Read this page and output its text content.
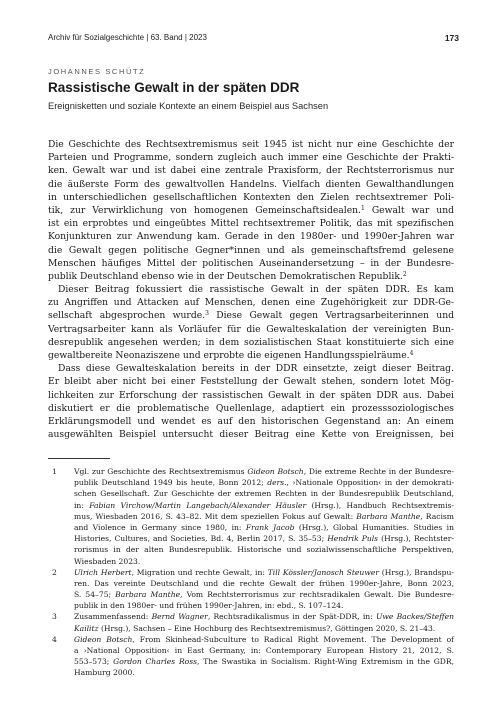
Archiv für Sozialgeschichte | 63. Band | 2023	173
JOHANNES SCHÜTZ
Rassistische Gewalt in der späten DDR
Ereignisketten und soziale Kontexte an einem Beispiel aus Sachsen
Die Geschichte des Rechtsextremismus seit 1945 ist nicht nur eine Geschichte der
Parteien und Programme, sondern zugleich auch immer eine Geschichte der Prakti-
ken. Gewalt war und ist dabei eine zentrale Praxisform, der Rechtsterrorismus nur
die äußerste Form des gewaltvollen Handelns. Vielfach dienten Gewalthandlungen
in unterschiedlichen gesellschaftlichen Kontexten den Zielen rechtsextremer Poli-
tik, zur Verwirklichung von homogenen Gemeinschaftsidealen.$^1$ Gewalt war und
ist ein erprobtes und eingeübtes Mittel rechtsextremer Politik, das mit spezifischen
Konjunkturen zur Anwendung kam. Gerade in den 1980er- und 1990er-Jahren war
die Gewalt gegen politische Gegner*innen und als gemeinschaftsfremd gelesene
Menschen häufiges Mittel der politischen Auseinandersetzung – in der Bundesre-
publik Deutschland ebenso wie in der Deutschen Demokratischen Republik.$^2$
Dieser Beitrag fokussiert die rassistische Gewalt in der späten DDR. Es kam
zu Angriffen und Attacken auf Menschen, denen eine Zugehörigkeit zur DDR-Ge-
sellschaft abgesprochen wurde.$^3$ Diese Gewalt gegen Vertragsarbeiterinnen und
Vertragsarbeiter kann als Vorläufer für die Gewalteskalation der vereinigten Bun-
desrepublik angesehen werden; in dem sozialistischen Staat konstituierte sich eine
gewaltbereite Neonaziszene und erprobte die eigenen Handlungsspielräume.$^4$
Dass diese Gewalteskalation bereits in der DDR einsetzte, zeigt dieser Beitrag.
Er bleibt aber nicht bei einer Feststellung der Gewalt stehen, sondern lotet Mög-
lichkeiten zur Erforschung der rassistischen Gewalt in der späten DDR aus. Dabei
diskutiert er die problematische Quellenlage, adaptiert ein prozesssoziologisches
Erklärungsmodell und wendet es auf den historischen Gegenstand an: An einem
ausgewählten Beispiel untersucht dieser Beitrag eine Kette von Ereignissen, bei
1 Vgl. zur Geschichte des Rechtsextremismus Gideon Botsch, Die extreme Rechte in der Bundesre-
publik Deutschland 1949 bis heute, Bonn 2012; ders., ›Nationale Opposition‹ in der demokrati-
schen Gesellschaft. Zur Geschichte der extremen Rechten in der Bundesrepublik Deutschland,
in: Fabian Virchow/Martin Langebach/Alexander Häusler (Hrsg.), Handbuch Rechtsextremis-
mus, Wiesbaden 2016, S. 43–82. Mit dem speziellen Fokus auf Gewalt: Barbara Manthe, Racism
and Violence in Germany since 1980, in: Frank Jacob (Hrsg.), Global Humanities. Studies in
Histories, Cultures, and Societies, Bd. 4, Berlin 2017, S. 35–53; Hendrik Puls (Hrsg.), Rechtster-
rorismus in der alten Bundesrepublik. Historische und sozialwissenschaftliche Perspektiven,
Wiesbaden 2023.
2 Ulrich Herbert, Migration und rechte Gewalt, in: Till Kössler/Janosch Steuwer (Hrsg.), Brandspu-
ren. Das vereinte Deutschland und die rechte Gewalt der frühen 1990er-Jahre, Bonn 2023,
S. 54–75; Barbara Manthe, Vom Rechtsterrorismus zur rechtsradikalen Gewalt. Die Bundesre-
publik in den 1980er- und frühen 1990er-Jahren, in: ebd., S. 107–124.
3 Zusammenfassend: Bernd Wagner, Rechtsradikalismus in der Spät-DDR, in: Uwe Backes/Steffen
Kailitz (Hrsg.), Sachsen – Eine Hochburg des Rechtsextremismus?, Göttingen 2020, S. 21–43.
4 Gideon Botsch, From Skinhead-Subculture to Radical Right Movement. The Development of
a ›National Opposition‹ in East Germany, in: Contemporary European History 21, 2012, S.
553–573; Gordon Charles Ross, The Swastika in Socialism. Right-Wing Extremism in the GDR,
Hamburg 2000.
